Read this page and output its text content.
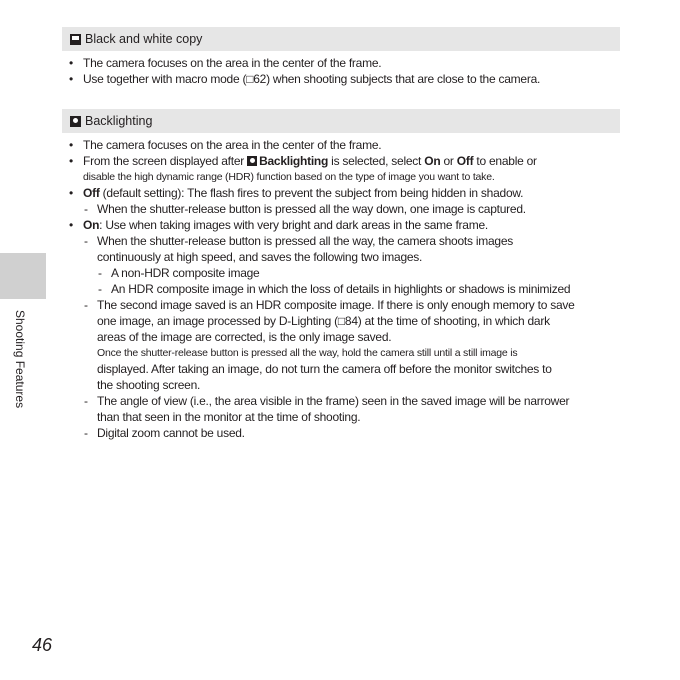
Shooting Features
46
Black and white copy
• The camera focuses on the area in the center of the frame.
• Use together with macro mode (□62) when shooting subjects that are close to the camera.
Backlighting
• The camera focuses on the area in the center of the frame.
• From the screen displayed after Backlighting is selected, select On or Off to enable or
disable the high dynamic range (HDR) function based on the type of image you want to take.
• Off (default setting): The flash fires to prevent the subject from being hidden in shadow.
- When the shutter-release button is pressed all the way down, one image is captured.
• On: Use when taking images with very bright and dark areas in the same frame.
- When the shutter-release button is pressed all the way, the camera shoots images
continuously at high speed, and saves the following two images.
- A non-HDR composite image
- An HDR composite image in which the loss of details in highlights or shadows is minimized
- The second image saved is an HDR composite image. If there is only enough memory to save
one image, an image processed by D-Lighting (□84) at the time of shooting, in which dark
areas of the image are corrected, is the only image saved.
Once the shutter-release button is pressed all the way, hold the camera still until a still image is
displayed. After taking an image, do not turn the camera off before the monitor switches to
the shooting screen.
- The angle of view (i.e., the area visible in the frame) seen in the saved image will be narrower
than that seen in the monitor at the time of shooting.
- Digital zoom cannot be used.
